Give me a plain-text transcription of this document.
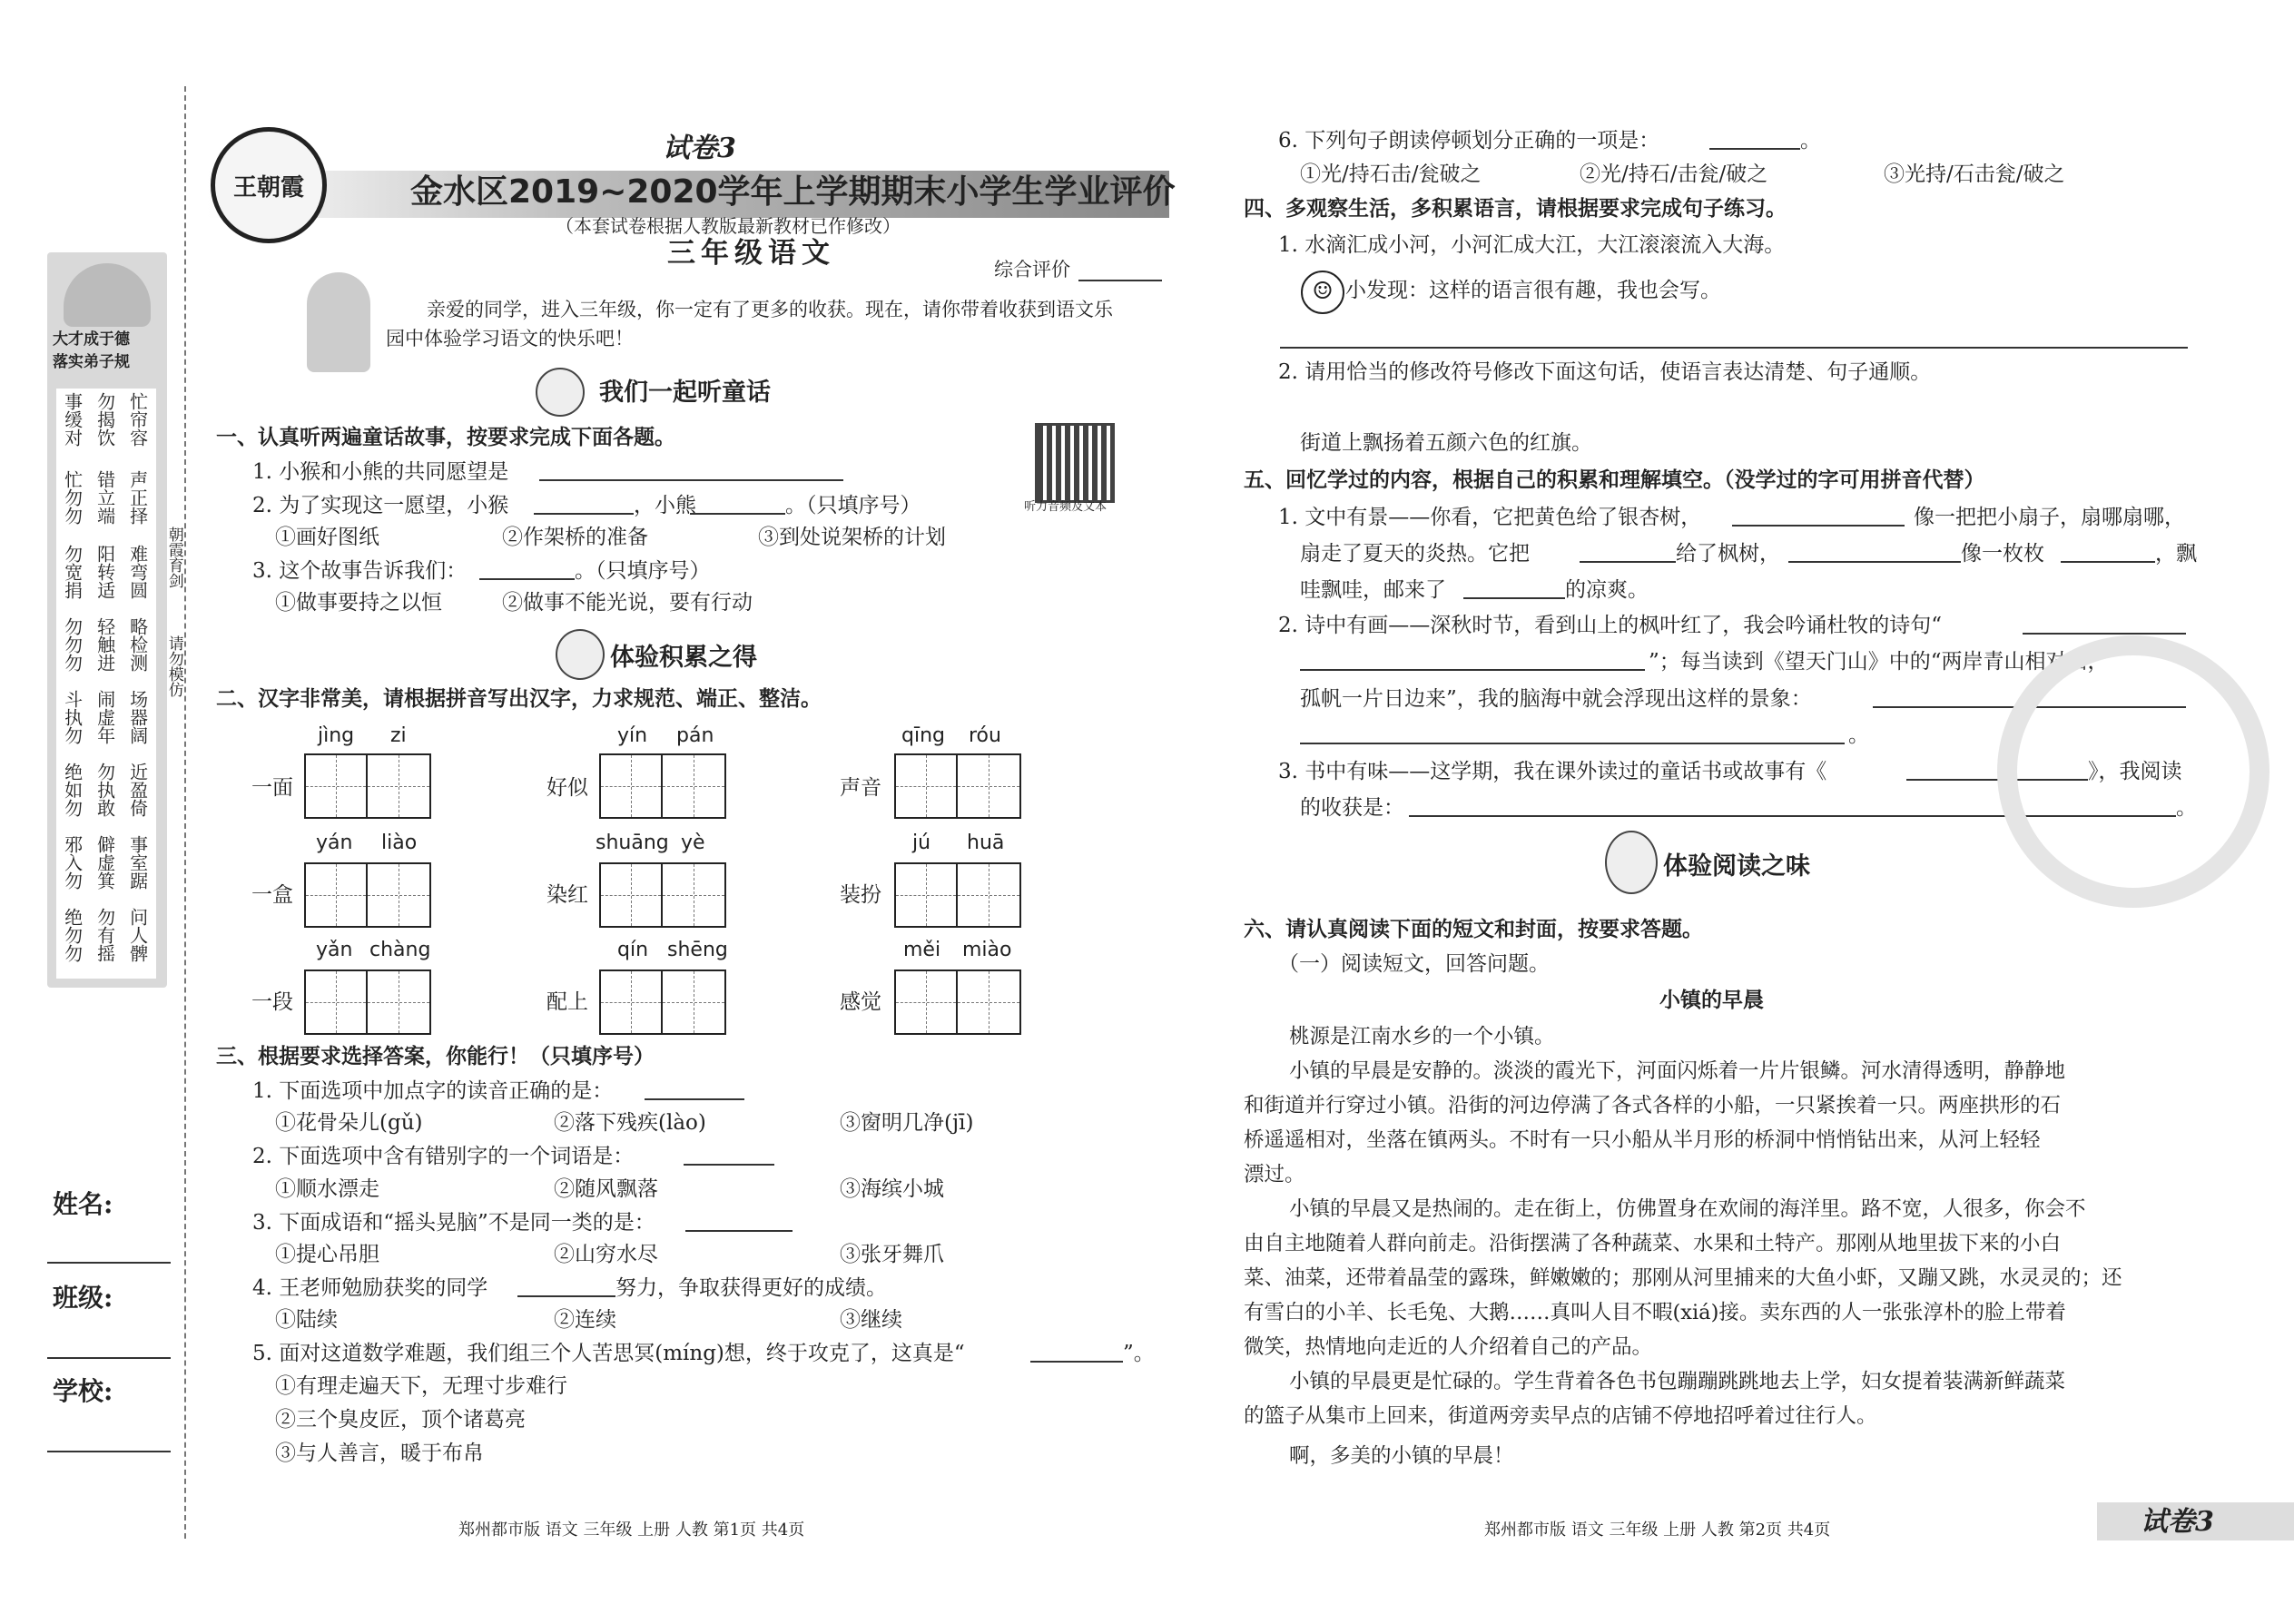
大才成于德
落实弟子规
事缓对 勿揭饮 忙帘容
忙勿勿 错立端 声正择
勿宽捐 阳转适 难弯圆
勿勿勿 轻触进 略检测
斗执勿 闹虚年 场器阔
绝如勿 勿执敢 近盈倚
邪入勿 僻虚箕 事室踞
绝勿勿 勿有摇 问人髀
朝霞育剑
请勿模仿
姓名:
班级:
学校:
王朝霞
试卷3
金水区2019~2020学年上学期期末小学生学业评价
（本套试卷根据人教版最新教材已作修改）
三年级语文	综合评价
亲爱的同学，进入三年级，你一定有了更多的收获。现在，请你带着收获到语文乐
园中体验学习语文的快乐吧！
我们一起听童话
一、认真听两遍童话故事，按要求完成下面各题。
1. 小猴和小熊的共同愿望是
2. 为了实现这一愿望，小猴	，小熊	。（只填序号）
①画好图纸	②作架桥的准备	③到处说架桥的计划
3. 这个故事告诉我们：	。（只填序号）
①做事要持之以恒	②做事不能光说，要有行动
听力音频及文本
体验积累之得
二、汉字非常美，请根据拼音写出汉字，力求规范、端正、整洁。
jìng zi
一面
yín pán
好似
qīng róu
声音
yán liào
一盒
shuāng yè
染红
jú huā
装扮
yǎn chàng
一段
qín shēng
配上
měi miào
感觉
三、根据要求选择答案，你能行！（只填序号）
1. 下面选项中加点字的读音正确的是：
①花骨朵儿(gǔ)	②落下残疾(lào)	③窗明几净(jī)
2. 下面选项中含有错别字的一个词语是：
①顺水漂走	②随风飘落	③海缤小城
3. 下面成语和“摇头晃脑”不是同一类的是：
①提心吊胆	②山穷水尽	③张牙舞爪
4. 王老师勉励获奖的同学	努力，争取获得更好的成绩。
①陆续	②连续	③继续
5. 面对这道数学难题，我们组三个人苦思冥(míng)想，终于攻克了，这真是“	”。
①有理走遍天下，无理寸步难行
②三个臭皮匠，顶个诸葛亮
③与人善言，暖于布帛
郑州都市版 语文 三年级 上册 人教 第1页 共4页
6. 下列句子朗读停顿划分正确的一项是：	。
①光/持石击/瓮破之	②光/持石/击瓮/破之	③光持/石击瓮/破之
四、多观察生活，多积累语言，请根据要求完成句子练习。
1. 水滴汇成小河，小河汇成大江，大江滚滚流入大海。
☺ 小发现：这样的语言很有趣，我也会写。
2. 请用恰当的修改符号修改下面这句话，使语言表达清楚、句子通顺。
街道上飘扬着五颜六色的红旗。
五、回忆学过的内容，根据自己的积累和理解填空。（没学过的字可用拼音代替）
1. 文中有景——你看，它把黄色给了银杏树，	像一把把小扇子，扇哪扇哪，
扇走了夏天的炎热。它把	给了枫树，	像一枚枚	，飘
哇飘哇，邮来了	的凉爽。
2. 诗中有画——深秋时节，看到山上的枫叶红了，我会吟诵杜牧的诗句“
”；每当读到《望天门山》中的“两岸青山相对出，
孤帆一片日边来”，我的脑海中就会浮现出这样的景象：
。
3. 书中有味——这学期，我在课外读过的童话书或故事有《	》，我阅读
的收获是：	。
体验阅读之味
六、请认真阅读下面的短文和封面，按要求答题。
（一）阅读短文，回答问题。
小镇的早晨
桃源是江南水乡的一个小镇。
小镇的早晨是安静的。淡淡的霞光下，河面闪烁着一片片银鳞。河水清得透明，静静地
和街道并行穿过小镇。沿街的河边停满了各式各样的小船，一只紧挨着一只。两座拱形的石
桥遥遥相对，坐落在镇两头。不时有一只小船从半月形的桥洞中悄悄钻出来，从河上轻轻
漂过。
小镇的早晨又是热闹的。走在街上，仿佛置身在欢闹的海洋里。路不宽，人很多，你会不
由自主地随着人群向前走。沿街摆满了各种蔬菜、水果和土特产。那刚从地里拔下来的小白
菜、油菜，还带着晶莹的露珠，鲜嫩嫩的；那刚从河里捕来的大鱼小虾，又蹦又跳，水灵灵的；还
有雪白的小羊、长毛兔、大鹅……真叫人目不暇(xiá)接。卖东西的人一张张淳朴的脸上带着
微笑，热情地向走近的人介绍着自己的产品。
小镇的早晨更是忙碌的。学生背着各色书包蹦蹦跳跳地去上学，妇女提着装满新鲜蔬菜
的篮子从集市上回来，街道两旁卖早点的店铺不停地招呼着过往行人。
啊，多美的小镇的早晨！
郑州都市版 语文 三年级 上册 人教 第2页 共4页	试卷3
